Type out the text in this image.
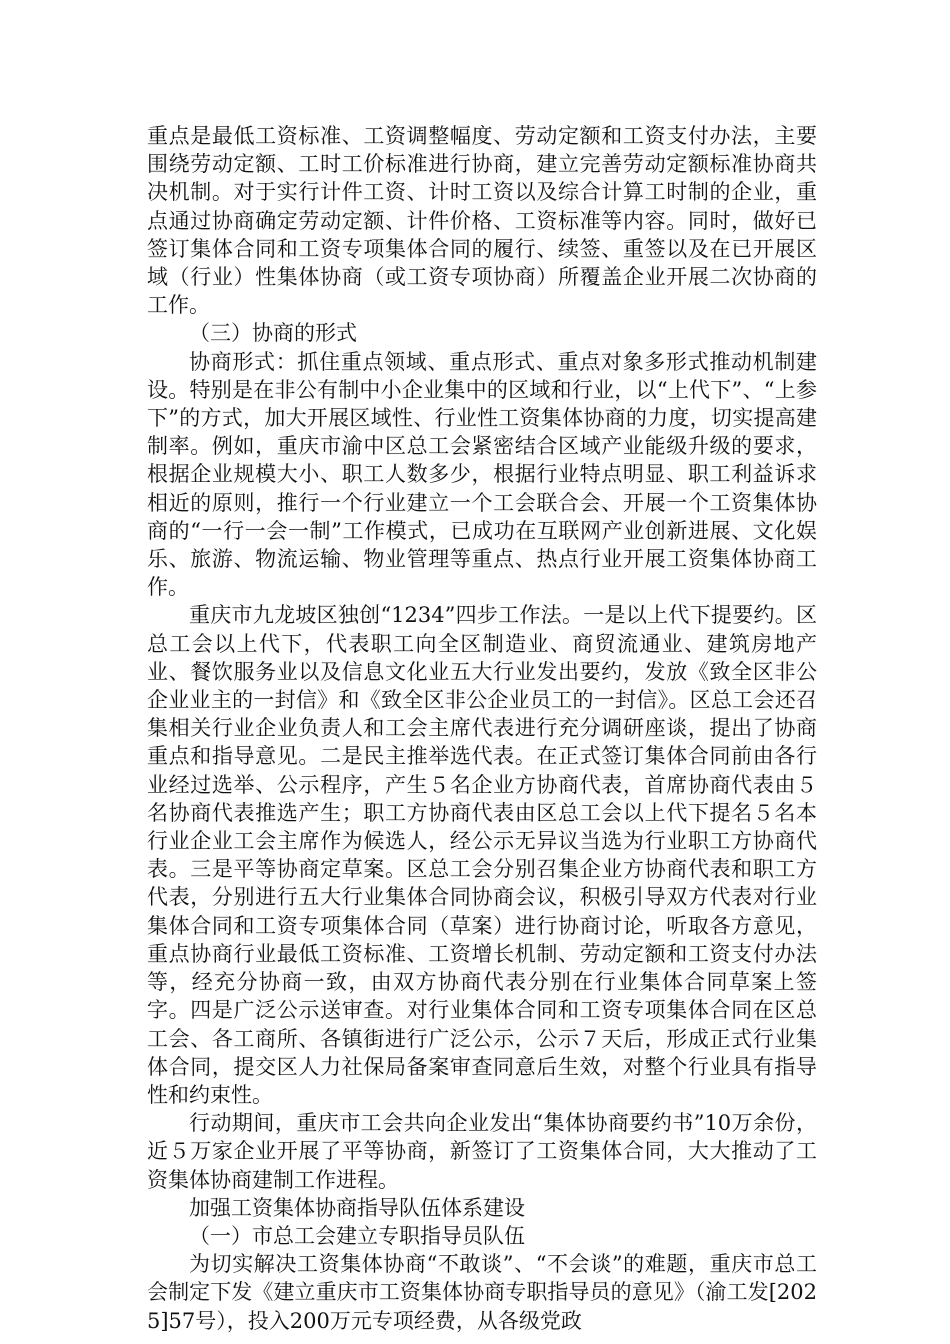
重点是最低工资标准、工资调整幅度、劳动定额和工资支付办法，主要围绕劳动定额、工时工价标准进行协商，建立完善劳动定额标准协商共决机制。对于实行计件工资、计时工资以及综合计算工时制的企业，重点通过协商确定劳动定额、计件价格、工资标准等内容。同时，做好已签订集体合同和工资专项集体合同的履行、续签、重签以及在已开展区域（行业）性集体协商（或工资专项协商）所覆盖企业开展二次协商的工作。

（三）协商的形式

协商形式：抓住重点领域、重点形式、重点对象多形式推动机制建设。特别是在非公有制中小企业集中的区域和行业，以“上代下”、“上参下”的方式，加大开展区域性、行业性工资集体协商的力度，切实提高建制率。例如，重庆市渝中区总工会紧密结合区域产业能级升级的要求，根据企业规模大小、职工人数多少，根据行业特点明显、职工利益诉求相近的原则，推行一个行业建立一个工会联合会、开展一个工资集体协商的“一行一会一制”工作模式，已成功在互联网产业创新进展、文化娱乐、旅游、物流运输、物业管理等重点、热点行业开展工资集体协商工作。

重庆市九龙坡区独创“1234”四步工作法。一是以上代下提要约。区总工会以上代下，代表职工向全区制造业、商贸流通业、建筑房地产业、餐饮服务业以及信息文化业五大行业发出要约，发放《致全区非公企业业主的一封信》和《致全区非公企业员工的一封信》。区总工会还召集相关行业企业负责人和工会主席代表进行充分调研座谈，提出了协商重点和指导意见。二是民主推举选代表。在正式签订集体合同前由各行业经过选举、公示程序，产生５名企业方协商代表，首席协商代表由５名协商代表推选产生；职工方协商代表由区总工会以上代下提名５名本行业企业工会主席作为候选人，经公示无异议当选为行业职工方协商代表。三是平等协商定草案。区总工会分别召集企业方协商代表和职工方代表，分别进行五大行业集体合同协商会议，积极引导双方代表对行业集体合同和工资专项集体合同（草案）进行协商讨论，听取各方意见，重点协商行业最低工资标准、工资增长机制、劳动定额和工资支付办法等，经充分协商一致，由双方协商代表分别在行业集体合同草案上签字。四是广泛公示送审查。对行业集体合同和工资专项集体合同在区总工会、各工商所、各镇街进行广泛公示，公示７天后，形成正式行业集体合同，提交区人力社保局备案审查同意后生效，对整个行业具有指导性和约束性。

行动期间，重庆市工会共向企业发出“集体协商要约书”10万余份，近５万家企业开展了平等协商，新签订了工资集体合同，大大推动了工资集体协商建制工作进程。

加强工资集体协商指导队伍体系建设

（一）市总工会建立专职指导员队伍

为切实解决工资集体协商“不敢谈”、“不会谈”的难题，重庆市总工会制定下发《建立重庆市工资集体协商专职指导员的意见》（渝工发[2025]57号），投入200万元专项经费，从各级党政
